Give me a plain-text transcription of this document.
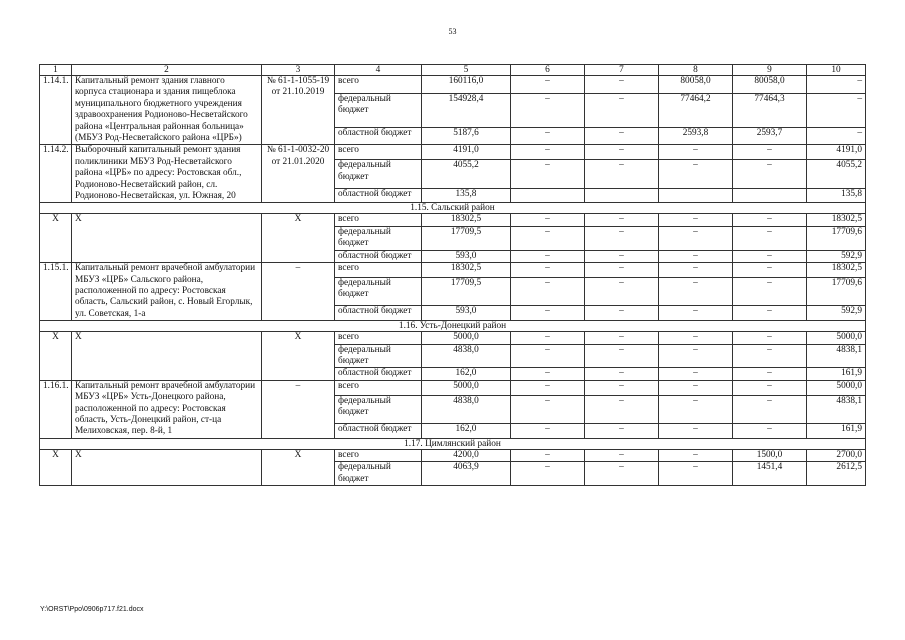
53
1	2	3	4	5	6	7	8	9	10
1.14.1.	Капитальный ремонт здания главного корпуса стационара и здания пищеблока муниципального бюджетного учреждения здравоохранения Родионово-Несветайского района «Центральная районная больница» (МБУЗ Род-Несветайского района «ЦРБ»)	№ 61-1-1055-19 от 21.10.2019	всего	160116,0	–	–	80058,0	80058,0	–
			федеральный бюджет	154928,4	–	–	77464,2	77464,3	–
			областной бюджет	5187,6	–	–	2593,8	2593,7	–
1.14.2.	Выборочный капитальный ремонт здания поликлиники МБУЗ Род-Несветайского района «ЦРБ» по адресу: Ростовская обл., Родионово-Несветайский район, сл. Родионово-Несветайская, ул. Южная, 20	№ 61-1-0032-20 от 21.01.2020	всего	4191,0	–	–	–	–	4191,0
			федеральный бюджет	4055,2	–	–	–	–	4055,2
			областной бюджет	135,8					135,8
1.15. Сальский район									
Х	Х	Х	всего	18302,5	–	–	–	–	18302,5
			федеральный бюджет	17709,5	–	–	–	–	17709,6
			областной бюджет	593,0	–	–	–	–	592,9
1.15.1.	Капитальный ремонт врачебной амбулатории МБУЗ «ЦРБ» Сальского района, расположенной по адресу: Ростовская область, Сальский район, с. Новый Егорлык, ул. Советская, 1-а	–	всего	18302,5	–	–	–	–	18302,5
			федеральный бюджет	17709,5	–	–	–	–	17709,6
			областной бюджет	593,0	–	–	–	–	592,9
1.16. Усть-Донецкий район									
Х	Х	Х	всего	5000,0	–	–	–	–	5000,0
			федеральный бюджет	4838,0	–	–	–	–	4838,1
			областной бюджет	162,0	–	–	–	–	161,9
1.16.1.	Капитальный ремонт врачебной амбулатории МБУЗ «ЦРБ» Усть-Донецкого района, расположенной по адресу: Ростовская область, Усть-Донецкий район, ст-ца Мелиховская, пер. 8-й, 1	–	всего	5000,0	–	–	–	–	5000,0
			федеральный бюджет	4838,0	–	–	–	–	4838,1
			областной бюджет	162,0	–	–	–	–	161,9
1.17. Цимлянский район									
Х	Х	Х	всего	4200,0	–	–	–	1500,0	2700,0
			федеральный бюджет	4063,9	–	–	–	1451,4	2612,5
Y:\ORST\Ppo\0906p717.f21.docx
